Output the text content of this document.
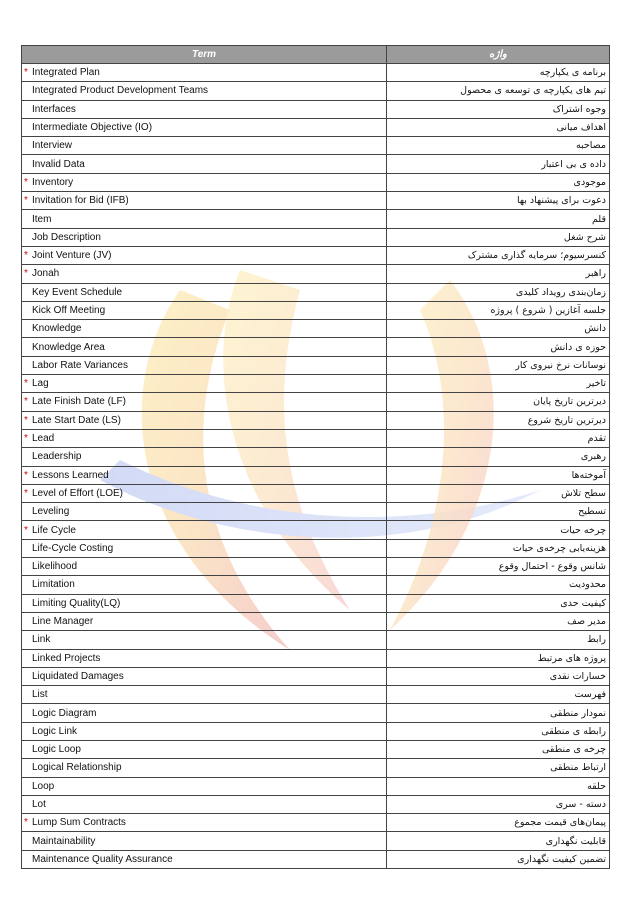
Term	واژه
* Integrated Plan	برنامه ی یکپارچه
Integrated Product Development Teams	تیم های یکپارچه ی توسعه ی محصول
Interfaces	وجوه اشتراک
Intermediate Objective (IO)	اهداف میانی
Interview	مصاحبه
Invalid Data	داده ی بی اعتبار
* Inventory	موجودی
* Invitation for Bid (IFB)	دعوت برای پیشنهاد بها
Item	قلم
Job Description	شرح شغل
* Joint Venture (JV)	کنسرسیوم؛ سرمایه گذاری مشترک
* Jonah	راهبر
Key Event Schedule	زمان‌بندی رویداد کلیدی
Kick Off Meeting	جلسه آغازین ( شروع ) پروژه
Knowledge	دانش
Knowledge Area	حوزه ی دانش
Labor Rate Variances	نوسانات نرخ نیروی کار
* Lag	تاخیر
* Late Finish Date (LF)	دیرترین تاریخ پایان
* Late Start Date (LS)	دیرترین تاریخ شروع
* Lead	تقدم
Leadership	رهبری
* Lessons Learned	آموخته‌ها
* Level of Effort (LOE)	سطح تلاش
Leveling	تسطیح
* Life Cycle	چرخه حیات
Life-Cycle Costing	هزینه‌یابی چرخه‌ی حیات
Likelihood	شانس وقوع - احتمال وقوع
Limitation	محدودیت
Limiting Quality(LQ)	کیفیت حدی
Line Manager	مدیر صف
Link	رابط
Linked Projects	پروژه های مرتبط
Liquidated Damages	خسارات نقدی
List	فهرست
Logic Diagram	نمودار منطقی
Logic Link	رابطه ی منطقی
Logic Loop	چرخه ی منطقی
Logical Relationship	ارتباط منطقی
Loop	حلقه
Lot	دسته - سری
* Lump Sum Contracts	پیمان‌های قیمت مجموع
Maintainability	قابلیت نگهداری
Maintenance Quality Assurance	تضمین کیفیت نگهداری
